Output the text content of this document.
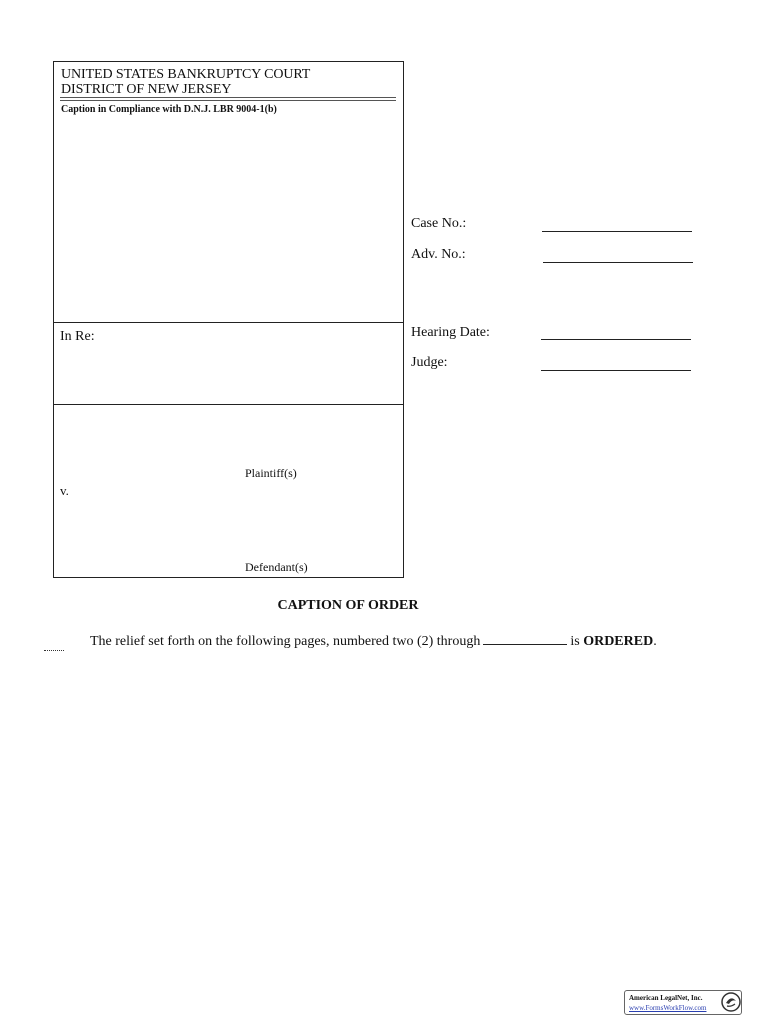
UNITED STATES BANKRUPTCY COURT
DISTRICT OF NEW JERSEY
Caption in Compliance with D.N.J. LBR 9004-1(b)
In Re:
Plaintiff(s)
v.
Defendant(s)
Case No.:
Adv. No.:
Hearing Date:
Judge:
CAPTION OF ORDER
The relief set forth on the following pages, numbered two (2) through	is ORDERED.
American LegalNet, Inc.
www.FormsWorkFlow.com
